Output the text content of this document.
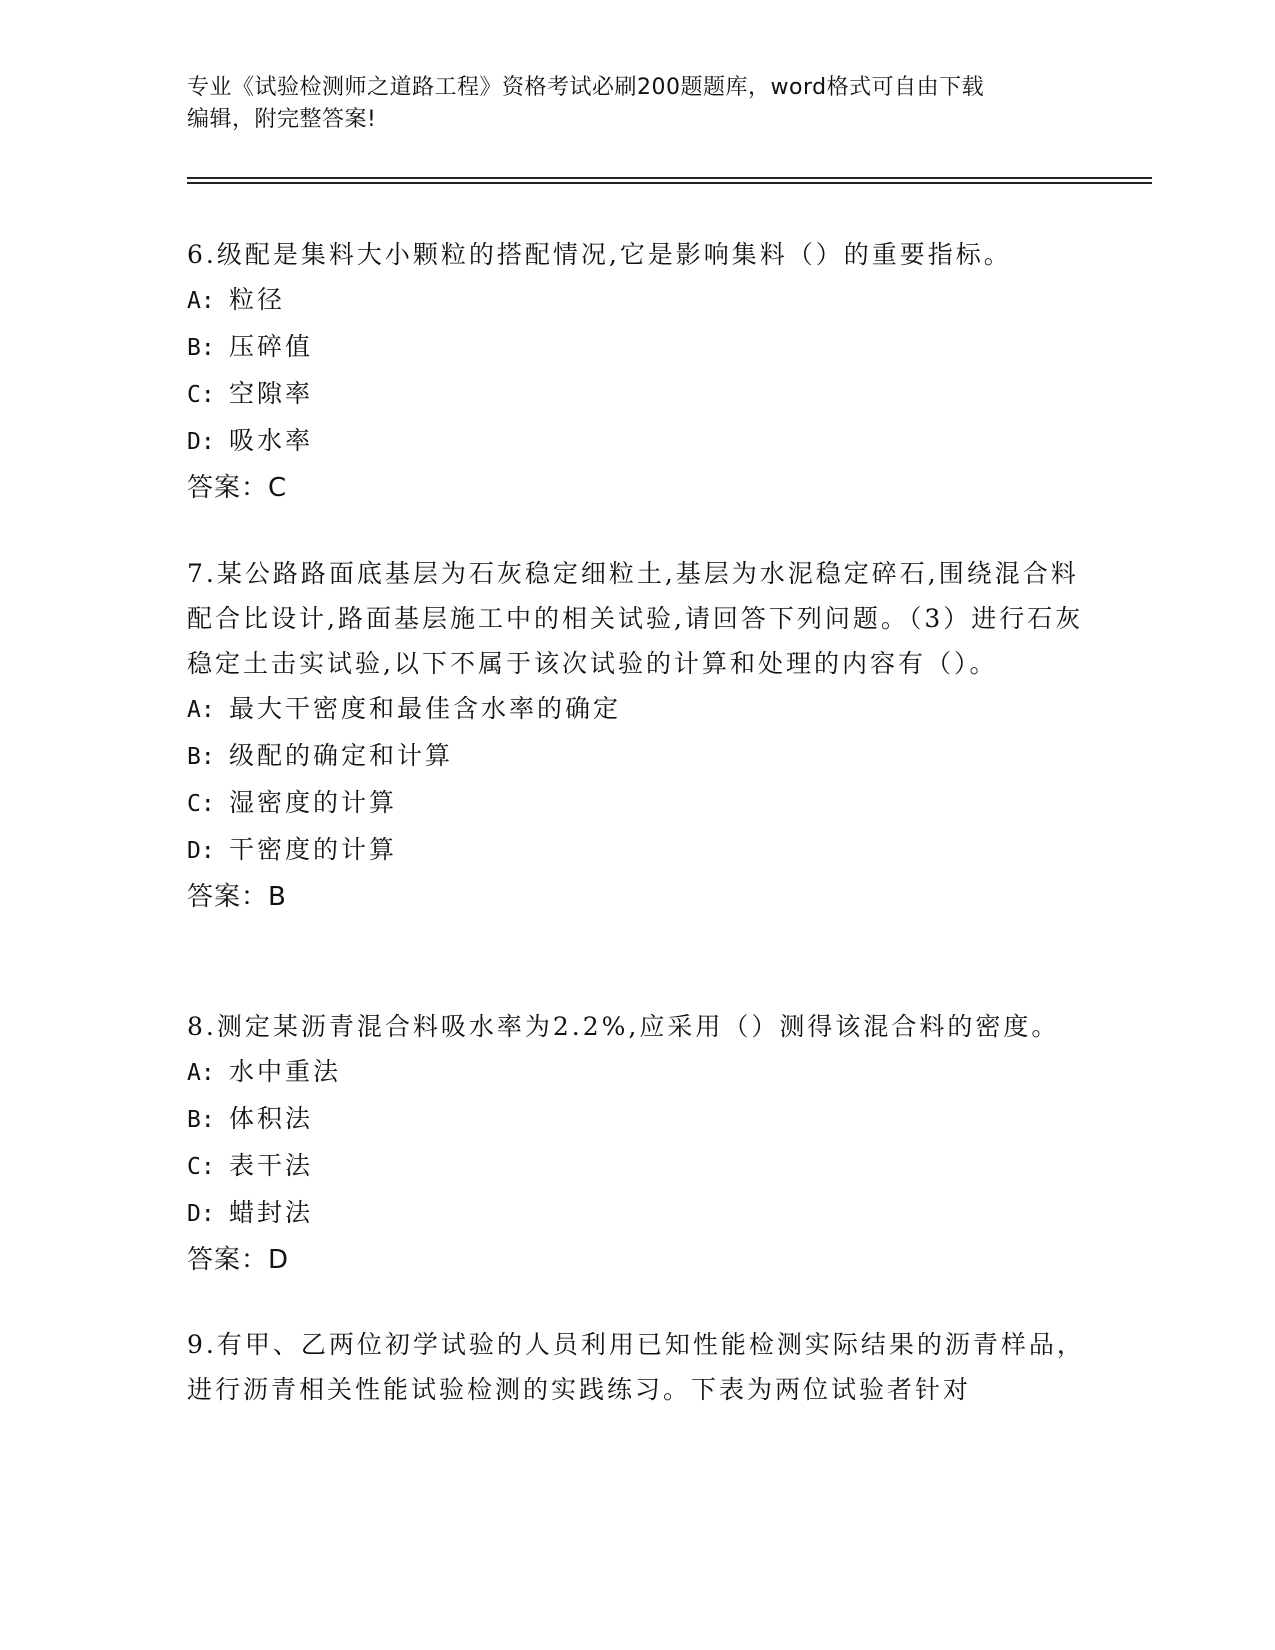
专业《试验检测师之道路工程》资格考试必刷200题题库，word格式可自由下载
编辑，附完整答案!

6.级配是集料大小颗粒的搭配情况,它是影响集料（）的重要指标。

A: 粒径

B: 压碎值

C: 空隙率

D: 吸水率

答案：C

7.某公路路面底基层为石灰稳定细粒土,基层为水泥稳定碎石,围绕混合料配合比设计,路面基层施工中的相关试验,请回答下列问题。（3）进行石灰稳定土击实试验,以下不属于该次试验的计算和处理的内容有（）。

A: 最大干密度和最佳含水率的确定

B: 级配的确定和计算

C: 湿密度的计算

D: 干密度的计算

答案：B

8.测定某沥青混合料吸水率为2.2%,应采用（）测得该混合料的密度。

A: 水中重法

B: 体积法

C: 表干法

D: 蜡封法

答案：D

9.有甲、乙两位初学试验的人员利用已知性能检测实际结果的沥青样品，进行沥青相关性能试验检测的实践练习。下表为两位试验者针对
